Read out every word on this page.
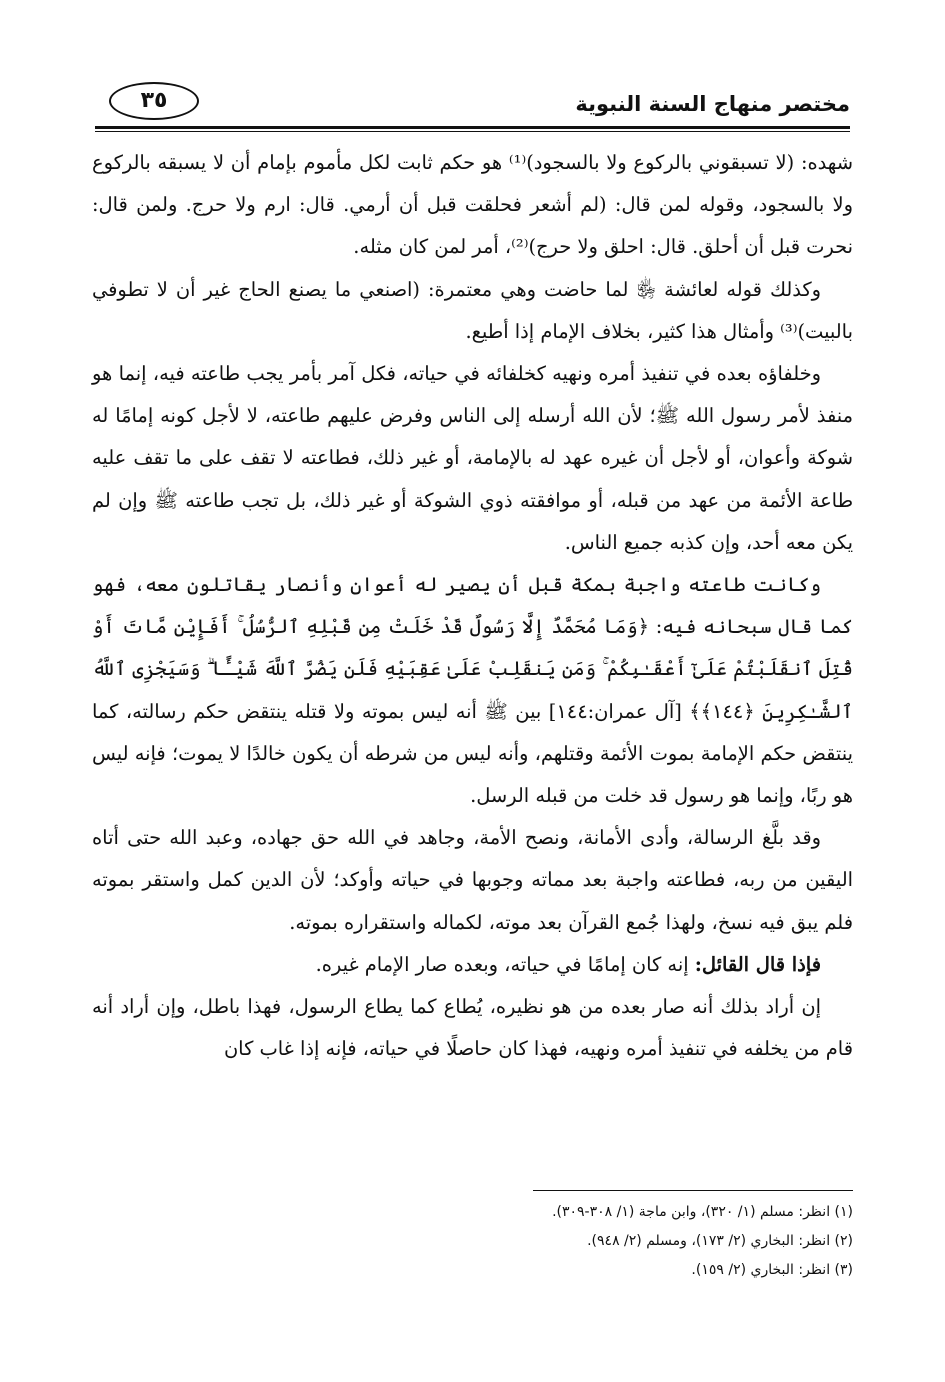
مختصر منهاج السنة النبوية
٣٥

شهده: (لا تسبقوني بالركوع ولا بالسجود)⁽¹⁾ هو حكم ثابت لكل مأموم بإمام أن لا يسبقه بالركوع ولا بالسجود، وقوله لمن قال: (لم أشعر فحلقت قبل أن أرمي. قال: ارم ولا حرج. ولمن قال: نحرت قبل أن أحلق. قال: احلق ولا حرج)⁽²⁾، أمر لمن كان مثله.

وكذلك قوله لعائشة ﵂ لما حاضت وهي معتمرة: (اصنعي ما يصنع الحاج غير أن لا تطوفي بالبيت)⁽³⁾ وأمثال هذا كثير، بخلاف الإمام إذا أطيع.

وخلفاؤه بعده في تنفيذ أمره ونهيه كخلفائه في حياته، فكل آمر بأمر يجب طاعته فيه، إنما هو منفذ لأمر رسول الله ﷺ؛ لأن الله أرسله إلى الناس وفرض عليهم طاعته، لا لأجل كونه إمامًا له شوكة وأعوان، أو لأجل أن غيره عهد له بالإمامة، أو غير ذلك، فطاعته لا تقف على ما تقف عليه طاعة الأئمة من عهد من قبله، أو موافقته ذوي الشوكة أو غير ذلك، بل تجب طاعته ﷺ وإن لم يكن معه أحد، وإن كذبه جميع الناس.

وكانت طاعته واجبة بمكة قبل أن يصير له أعوان وأنصار يقاتلون معه، فهو كما قال سبحانه فيه: ﴿وَمَا مُحَمَّدٌ إِلَّا رَسُولٌ قَدْ خَلَتْ مِن قَبْلِهِ ٱلرُّسُلُ ۚ أَفَإِيْن مَّاتَ أَوْ قُتِلَ ٱنقَلَبْتُمْ عَلَىٰٓ أَعْقَـٰبِكُمْ ۚ وَمَن يَنقَلِبْ عَلَىٰ عَقِبَيْهِ فَلَن يَضُرَّ ٱللَّهَ شَيْـًٔا ۗ وَسَيَجْزِى ٱللَّهُ ٱلشَّـٰكِرِينَ ﴿١٤٤﴾﴾ [آل عمران:١٤٤] بين ﷺ أنه ليس بموته ولا قتله ينتقض حكم رسالته، كما ينتقض حكم الإمامة بموت الأئمة وقتلهم، وأنه ليس من شرطه أن يكون خالدًا لا يموت؛ فإنه ليس هو ربًا، وإنما هو رسول قد خلت من قبله الرسل.

وقد بلَّغ الرسالة، وأدى الأمانة، ونصح الأمة، وجاهد في الله حق جهاده، وعبد الله حتى أتاه اليقين من ربه، فطاعته واجبة بعد مماته وجوبها في حياته وأوكد؛ لأن الدين كمل واستقر بموته فلم يبق فيه نسخ، ولهذا جُمع القرآن بعد موته، لكماله واستقراره بموته.

فإذا قال القائل: إنه كان إمامًا في حياته، وبعده صار الإمام غيره.

إن أراد بذلك أنه صار بعده من هو نظيره، يُطاع كما يطاع الرسول، فهذا باطل، وإن أراد أنه قام من يخلفه في تنفيذ أمره ونهيه، فهذا كان حاصلًا في حياته، فإنه إذا غاب كان

(١) انظر: مسلم (١/ ٣٢٠)، وابن ماجة (١/ ٣٠٨-٣٠٩).
(٢) انظر: البخاري (٢/ ١٧٣)، ومسلم (٢/ ٩٤٨).
(٣) انظر: البخاري (٢/ ١٥٩).
